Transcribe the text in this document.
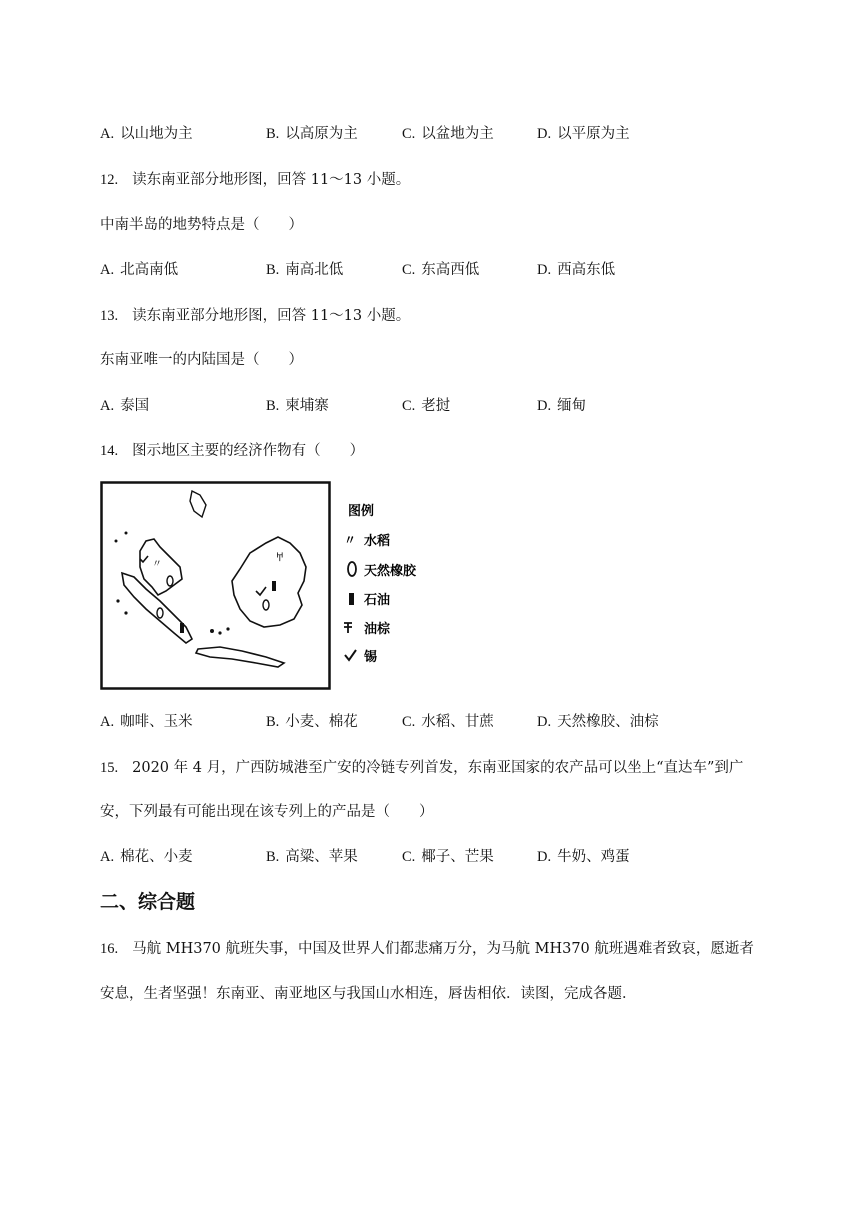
A. 以山地为主	B. 以高原为主	C. 以盆地为主	D. 以平原为主
12. 读东南亚部分地形图，回答 11～13 小题。
中南半岛的地势特点是（　　）
A. 北高南低	B. 南高北低	C. 东高西低	D. 西高东低
13. 读东南亚部分地形图，回答 11～13 小题。
东南亚唯一的内陆国是（　　）
A. 泰国	B. 柬埔寨	C. 老挝	D. 缅甸
14. 图示地区主要的经济作物有（　　）
〃
𐀀
图例
〃 水稻
天然橡胶
石油
油棕
锡
A. 咖啡、玉米	B. 小麦、棉花	C. 水稻、甘蔗	D. 天然橡胶、油棕
15. 2020 年 4 月，广西防城港至广安的冷链专列首发，东南亚国家的农产品可以坐上“直达车”到广
安，下列最有可能出现在该专列上的产品是（　　）
A. 棉花、小麦	B. 高粱、苹果	C. 椰子、芒果	D. 牛奶、鸡蛋
二、综合题
16. 马航 MH370 航班失事，中国及世界人们都悲痛万分，为马航 MH370 航班遇难者致哀，愿逝者
安息，生者坚强！东南亚、南亚地区与我国山水相连，唇齿相依．读图，完成各题．
